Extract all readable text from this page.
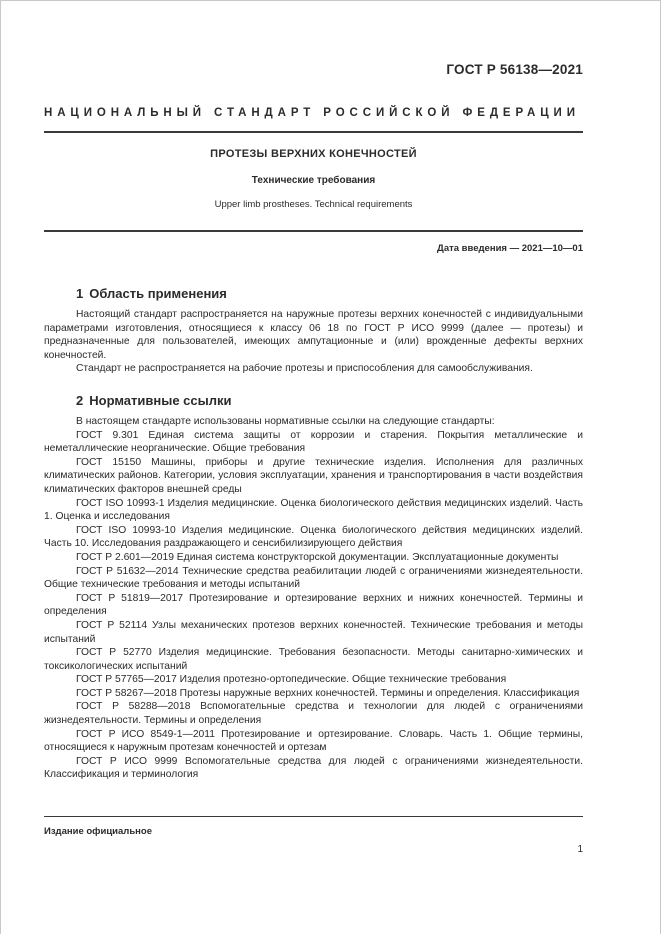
ГОСТ Р 56138—2021
НАЦИОНАЛЬНЫЙ СТАНДАРТ РОССИЙСКОЙ ФЕДЕРАЦИИ
ПРОТЕЗЫ ВЕРХНИХ КОНЕЧНОСТЕЙ
Технические требования
Upper limb prostheses. Technical requirements
Дата введения — 2021—10—01
1 Область применения

Настоящий стандарт распространяется на наружные протезы верхних конечностей с индивидуальными параметрами изготовления, относящиеся к классу 06 18 по ГОСТ Р ИСО 9999 (далее — протезы) и предназначенные для пользователей, имеющих ампутационные и (или) врожденные дефекты верхних конечностей.

Стандарт не распространяется на рабочие протезы и приспособления для самообслуживания.

2 Нормативные ссылки

В настоящем стандарте использованы нормативные ссылки на следующие стандарты:

ГОСТ 9.301 Единая система защиты от коррозии и старения. Покрытия металлические и неметаллические неорганические. Общие требования

ГОСТ 15150 Машины, приборы и другие технические изделия. Исполнения для различных климатических районов. Категории, условия эксплуатации, хранения и транспортирования в части воздействия климатических факторов внешней среды

ГОСТ ISO 10993-1 Изделия медицинские. Оценка биологического действия медицинских изделий. Часть 1. Оценка и исследования

ГОСТ ISO 10993-10 Изделия медицинские. Оценка биологического действия медицинских изделий. Часть 10. Исследования раздражающего и сенсибилизирующего действия

ГОСТ Р 2.601—2019 Единая система конструкторской документации. Эксплуатационные документы

ГОСТ Р 51632—2014 Технические средства реабилитации людей с ограничениями жизнедеятельности. Общие технические требования и методы испытаний

ГОСТ Р 51819—2017 Протезирование и ортезирование верхних и нижних конечностей. Термины и определения

ГОСТ Р 52114 Узлы механических протезов верхних конечностей. Технические требования и методы испытаний

ГОСТ Р 52770 Изделия медицинские. Требования безопасности. Методы санитарно-химических и токсикологических испытаний

ГОСТ Р 57765—2017 Изделия протезно-ортопедические. Общие технические требования

ГОСТ Р 58267—2018 Протезы наружные верхних конечностей. Термины и определения. Классификация

ГОСТ Р 58288—2018 Вспомогательные средства и технологии для людей с ограничениями жизнедеятельности. Термины и определения

ГОСТ Р ИСО 8549-1—2011 Протезирование и ортезирование. Словарь. Часть 1. Общие термины, относящиеся к наружным протезам конечностей и ортезам

ГОСТ Р ИСО 9999 Вспомогательные средства для людей с ограничениями жизнедеятельности. Классификация и терминология

Издание официальное
1
